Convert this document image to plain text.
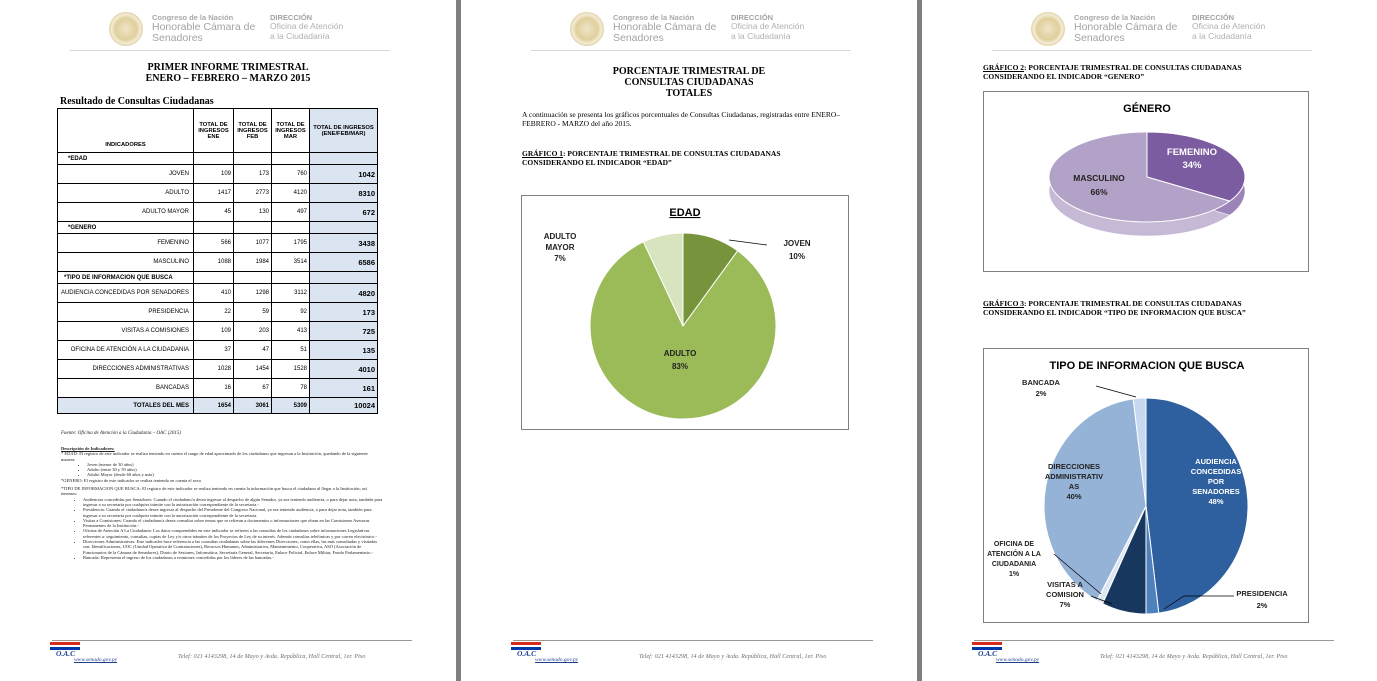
Congreso de la Nación
Honorable Cámara de
Senadores
DIRECCIÓN
Oficina de Atención
a la Ciudadanía
PRIMER INFORME TRIMESTRAL
ENERO – FEBRERO – MARZO 2015
Resultado de Consultas Ciudadanas
INDICADORES	TOTAL DE INGRESOS ENE	TOTAL DE INGRESOS FEB	TOTAL DE INGRESOS MAR	TOTAL DE INGRESOS (ENE/FEB/MAR)
*EDAD				
JOVEN	109	173	760	1042
ADULTO	1417	2773	4120	8310
ADULTO MAYOR	45	130	497	672
*GENERO				
FEMENINO	566	1077	1795	3438
MASCULINO	1088	1984	3514	6586
*TIPO DE INFORMACION QUE BUSCA				
AUDIENCIA CONCEDIDAS POR SENADORES	410	1298	3112	4820
PRESIDENCIA	22	59	92	173
VISITAS A COMISIONES	109	203	413	725
OFICINA DE ATENCIÓN A LA CIUDADANIA	37	47	51	135
DIRECCIONES ADMINISTRATIVAS	1028	1454	1528	4010
BANCADAS	16	67	78	161
TOTALES DEL MES	1654	3061	5309	10024
Fuente: Oficina de Atención a la Ciudadanía – OAC (2015)
Descripción de Indicadores:
* EDAD: El registro de este indicador se realiza teniendo en cuenta el rango de edad aproximado de los ciudadanos que ingresan a la Institución, quedando de la siguiente manera:
• Joven (menor de 30 años)
• Adulto (entre 30 y 59 años)
• Adulto Mayor (desde 60 años y más)
*GENERO: El registro de este indicador se realiza teniendo en cuenta el sexo.
*TIPO DE INFORMACION QUE BUSCA: El registro de este indicador se realiza teniendo en cuenta la información que busca el ciudadano al llegar a la Institución; así tenemos:
• Audiencias concedidas por Senadores: Cuando el ciudadano/a desea ingresar al despacho de algún Senador, ya sea teniendo audiencia, o para dejar nota, también para ingresar a su secretaría por cualquier trámite con la autorización correspondiente de la secretaria.-
• Presidencia: Cuando el ciudadano/a desea ingresar al despacho del Presidente del Congreso Nacional, ya sea teniendo audiencia, o para dejar nota, también para ingresar a su secretaría por cualquier trámite con la autorización correspondiente de la secretaria.
• Visitas a Comisiones: Cuando el ciudadano/a desea consultar sobre temas que se refieran a documentos o informaciones que obran en las Comisiones Asesoras Permanentes de la Institución.-
• Oficina de Atención A La Ciudadanía: Los datos comprendidos en este indicador se refieren a las consultas de los ciudadanos sobre informaciones Legislativas referentes a: seguimiento, consultas, copias de Ley y/o otros trámites de los Proyectos de Ley de su interés. Además consultas telefónicas y por correo electrónico.-
• Direcciones Administrativas: Este indicador hace referencia a las consultas ciudadanas sobre las diferentes Direcciones, como ellas, las más consultadas y visitadas son: Identificaciones, UOC (Unidad Operativa de Contrataciones), Recursos Humanos, Administrativa, Mantenimiento, Cooperativa, ASO (Asociación de Funcionarios de la Cámara de Senadores), Diario de Sesiones, Informática, Secretaría General, Secretaría, Enlace Policial, Enlace Militar, Fondo Parlamentario.-
• Bancada: Representa el ingreso de los ciudadanos a reuniones concedidas por los líderes de las bancadas.-
O.A.C
www.senado.gov.py	Telef: 021 4143298, 14 de Mayo y Avda. República, Hall Central, 1er. Piso
Congreso de la Nación
Honorable Cámara de
Senadores
DIRECCIÓN
Oficina de Atención
a la Ciudadanía
PORCENTAJE TRIMESTRAL DE
CONSULTAS CIUDADANAS
TOTALES
A continuación se presenta los gráficos porcentuales de Consultas Ciudadanas, registradas entre ENERO– FEBRERO - MARZO del año 2015.
GRÁFICO 1: PORCENTAJE TRIMESTRAL DE CONSULTAS CIUDADANAS CONSIDERANDO EL INDICADOR “EDAD”
EDAD
JOVEN 10%
ADULTO 83%
ADULTO MAYOR 7%
O.A.C
www.senado.gov.py	Telef: 021 4143298, 14 de Mayo y Avda. República, Hall Central, 1er. Piso
Congreso de la Nación
Honorable Cámara de
Senadores
DIRECCIÓN
Oficina de Atención
a la Ciudadanía
GRÁFICO 2: PORCENTAJE TRIMESTRAL DE CONSULTAS CIUDADANAS CONSIDERANDO EL INDICADOR “GENERO”
GÉNERO
FEMENINO 34%
MASCULINO 66%
GRÁFICO 3: PORCENTAJE TRIMESTRAL DE CONSULTAS CIUDADANAS CONSIDERANDO EL INDICADOR “TIPO DE INFORMACION QUE BUSCA”
TIPO DE INFORMACION QUE BUSCA
AUDIENCIA CONCEDIDAS POR SENADORES 48%
PRESIDENCIA 2%
VISITAS A COMISION 7%
OFICINA DE ATENCIÓN A LA CIUDADANIA 1%
DIRECCIONES ADMINISTRATIV AS 40%
BANCADA 2%
O.A.C
www.senado.gov.py	Telef: 021 4143298, 14 de Mayo y Avda. República, Hall Central, 1er. Piso
